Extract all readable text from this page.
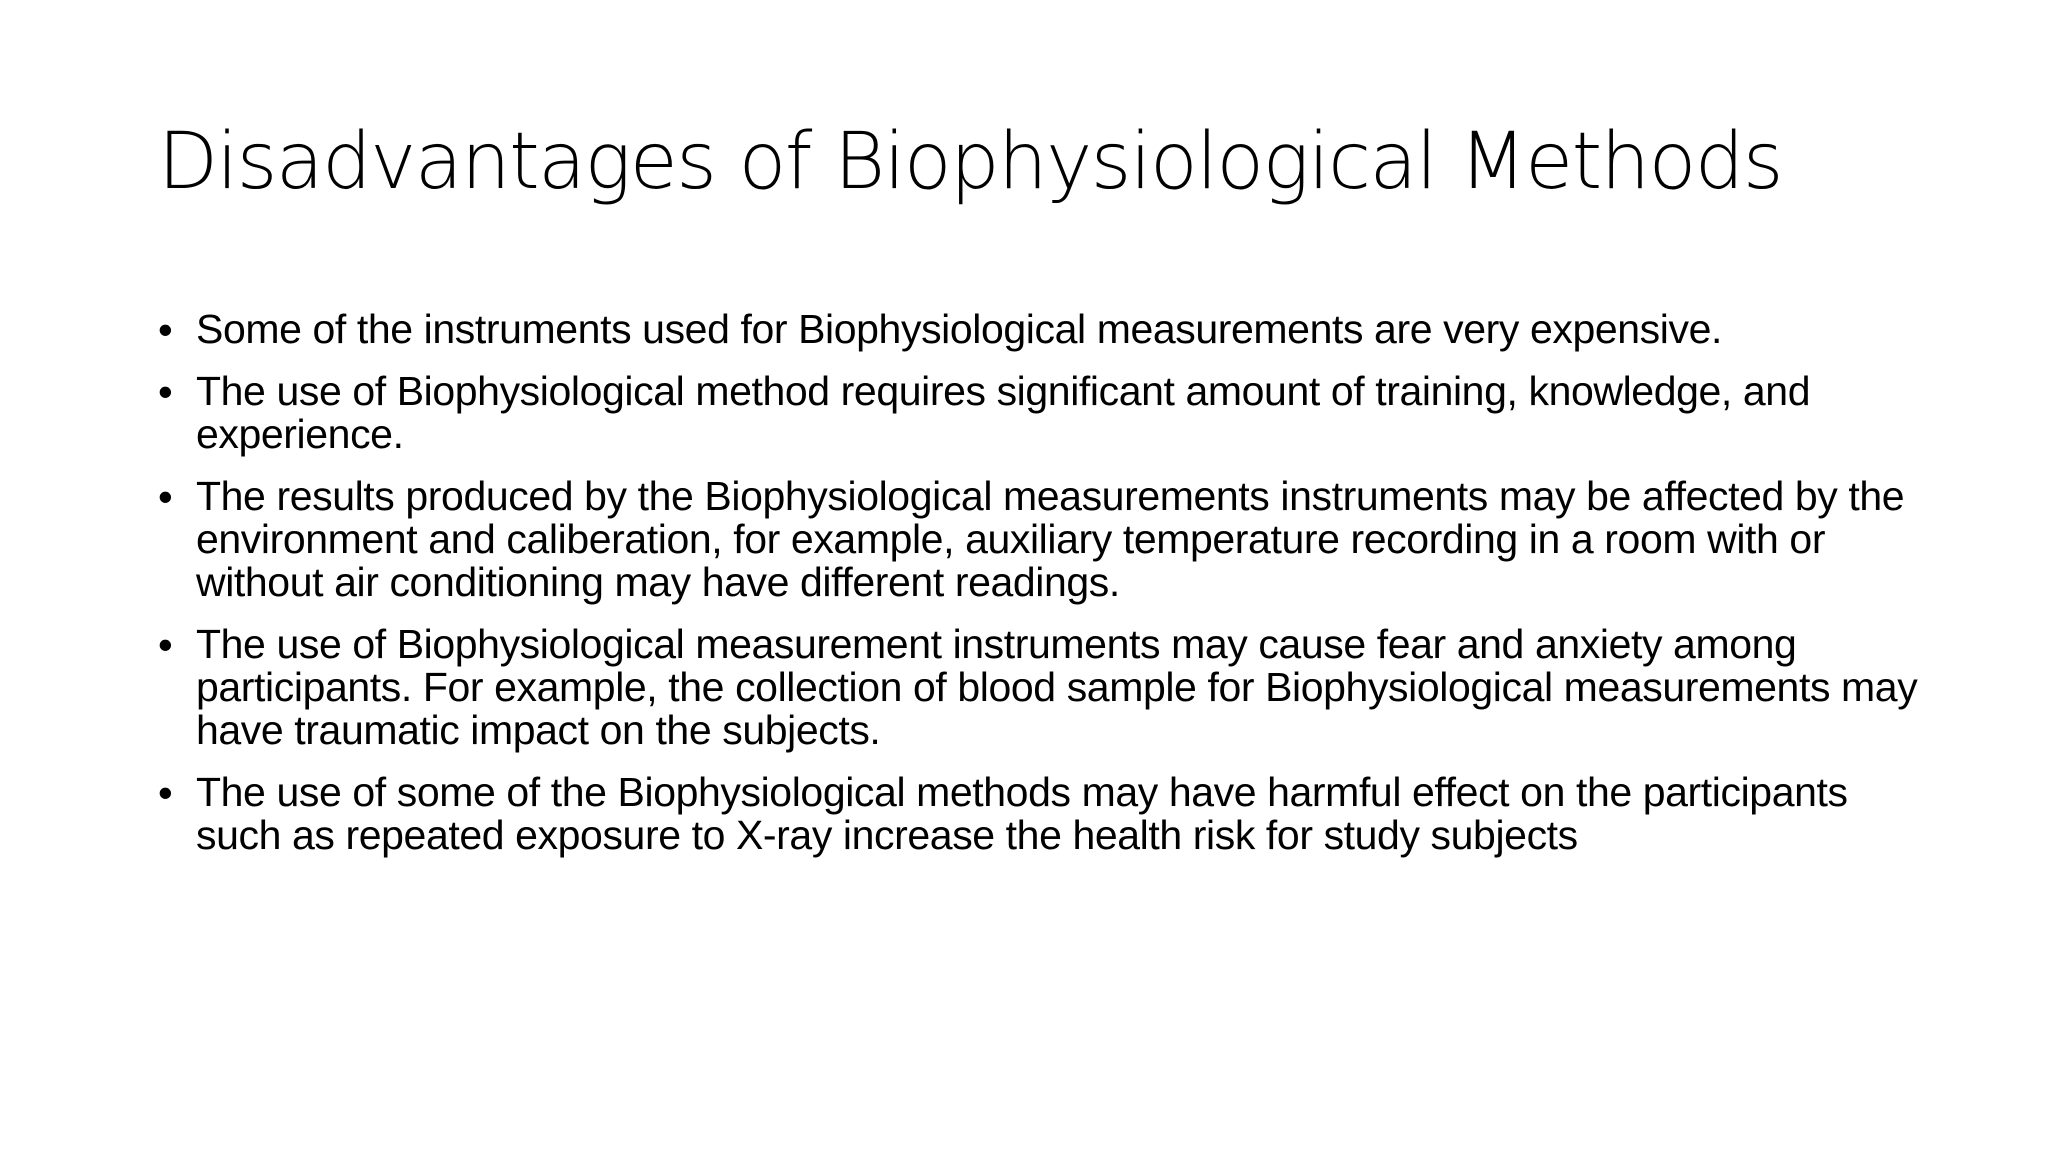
Disadvantages of Biophysiological Methods
• Some of the instruments used for Biophysiological measurements are very expensive.
• The use of Biophysiological method requires significant amount of training, knowledge, and experience.
• The results produced by the Biophysiological measurements instruments may be affected by the environment and caliberation, for example, auxiliary temperature recording in a room with or without air conditioning may have different readings.
• The use of Biophysiological measurement instruments may cause fear and anxiety among participants. For example, the collection of blood sample for Biophysiological measurements may have traumatic impact on the subjects.
• The use of some of the Biophysiological methods may have harmful effect on the participants such as repeated exposure to X-ray increase the health risk for study subjects
